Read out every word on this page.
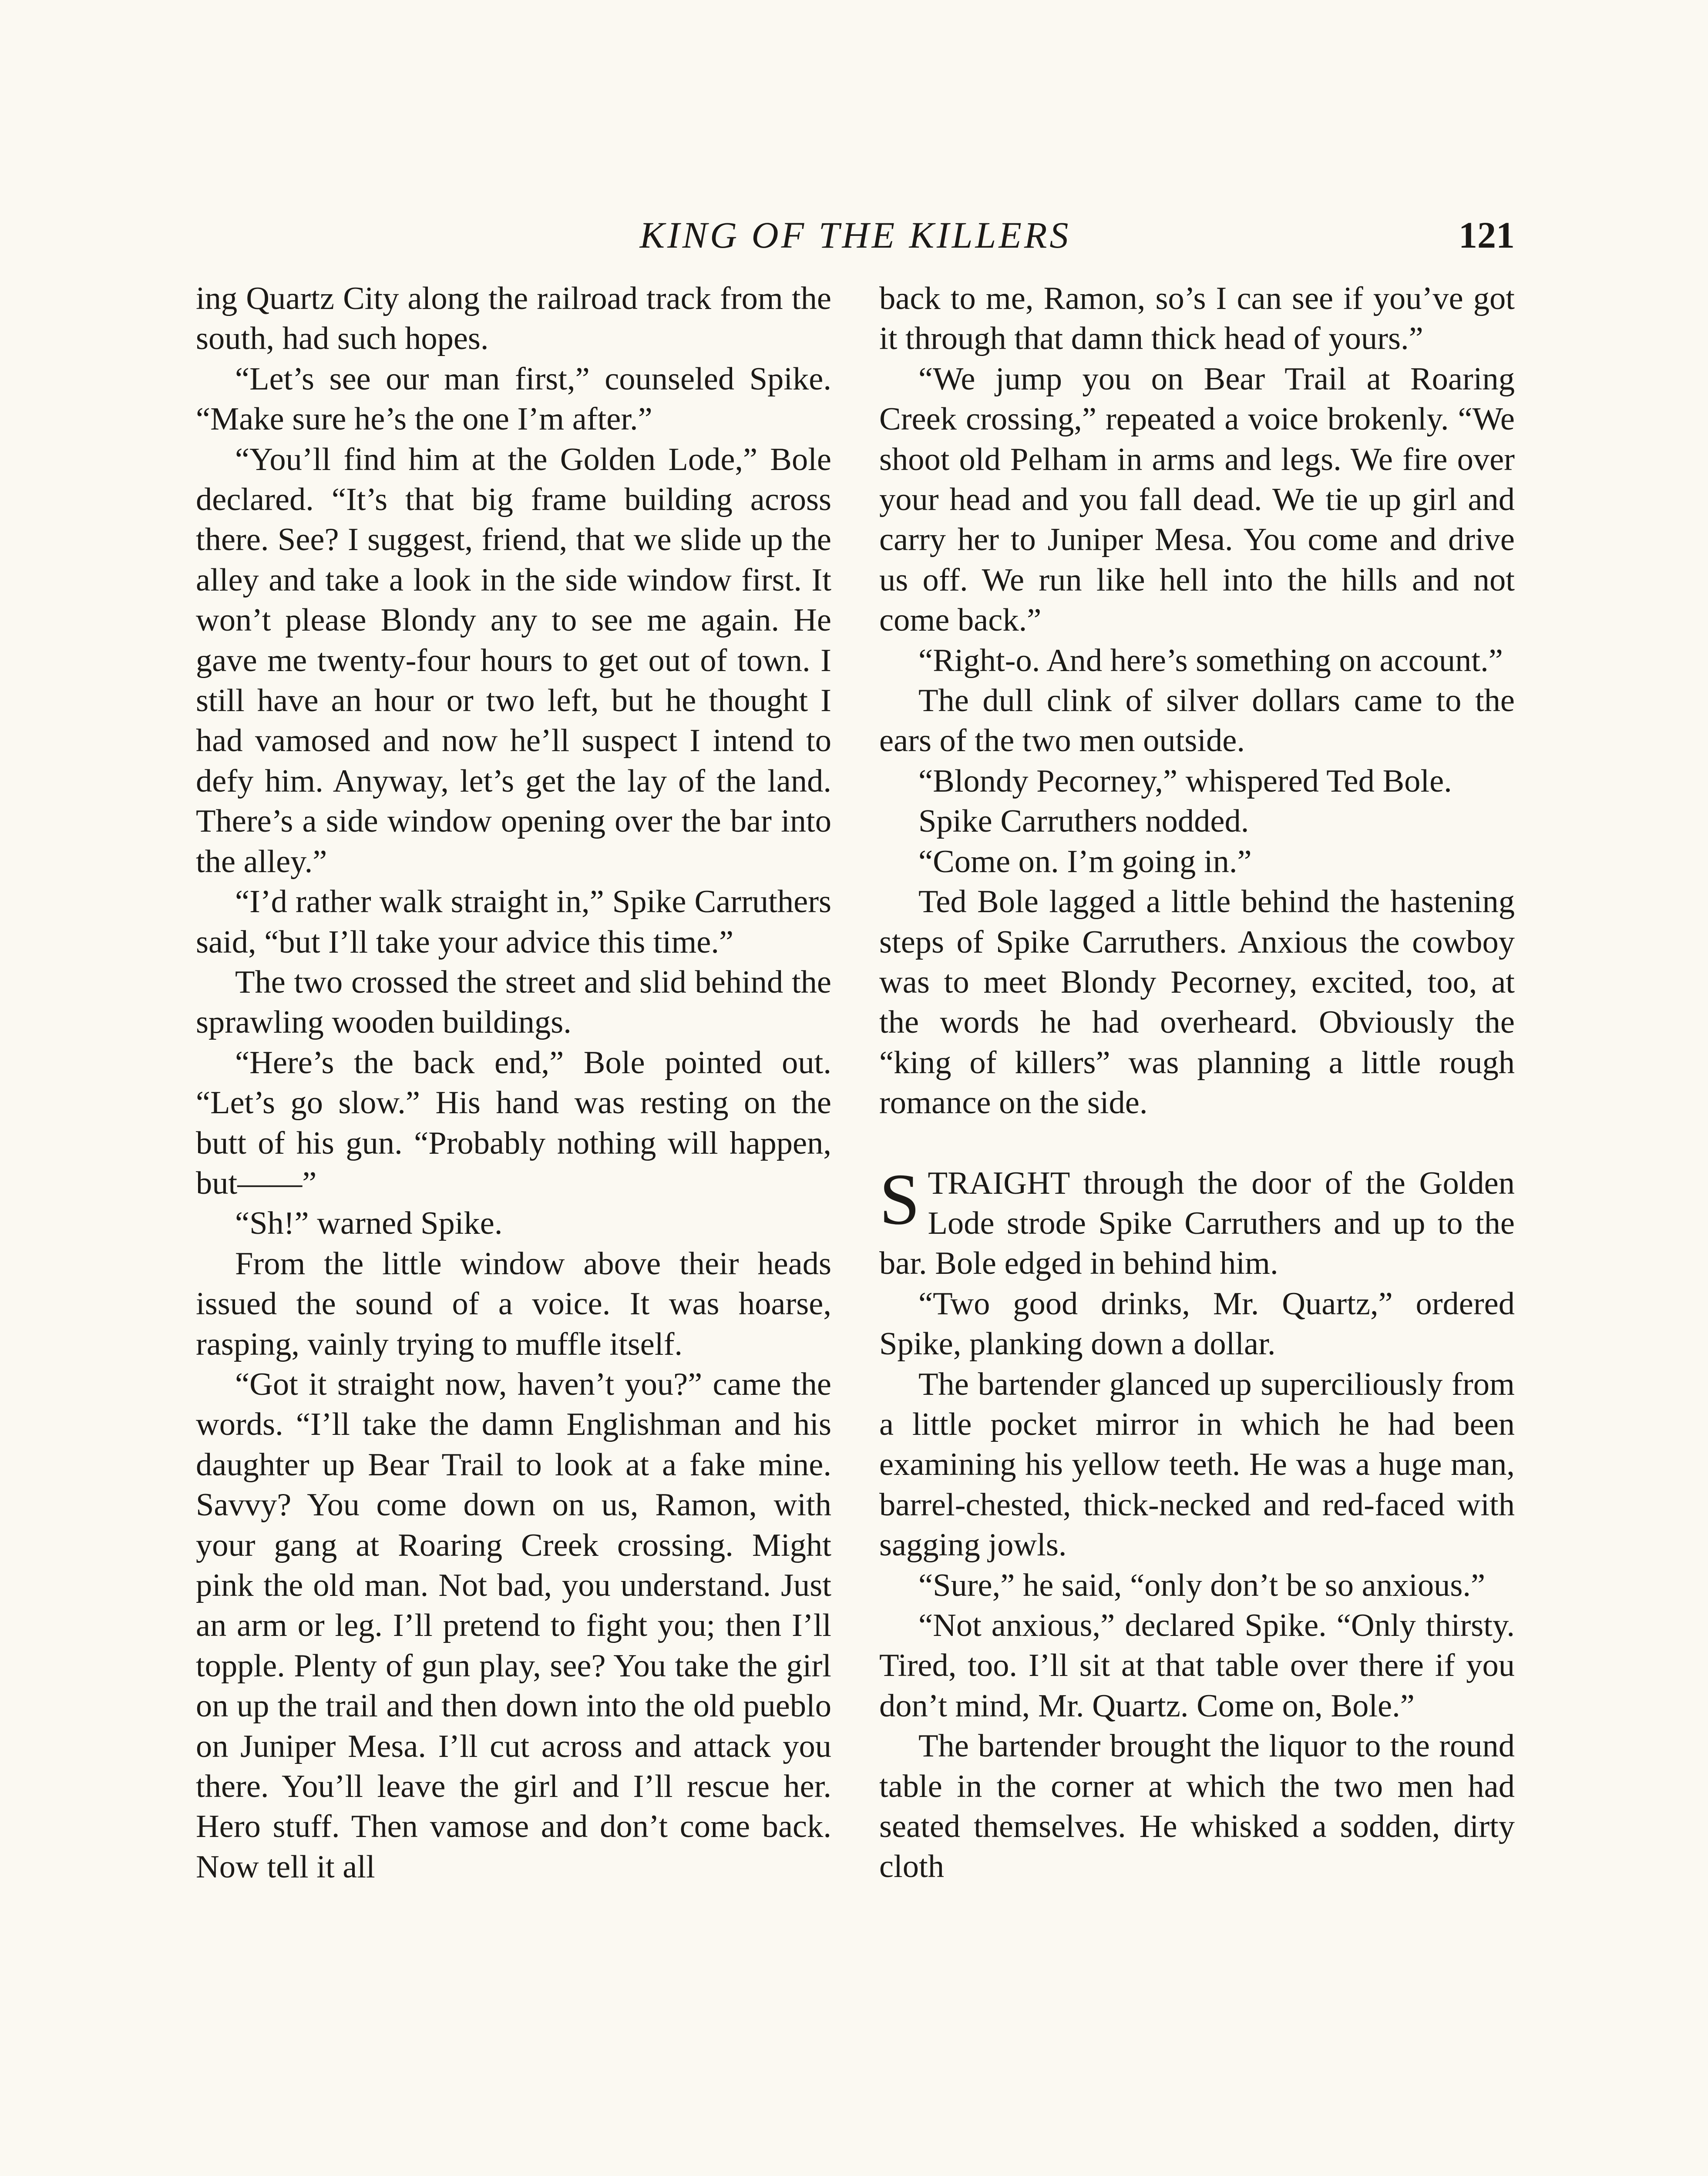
KING OF THE KILLERS	121

ing Quartz City along the railroad track from the south, had such hopes.

“Let’s see our man first,” counseled Spike. “Make sure he’s the one I’m after.”

“You’ll find him at the Golden Lode,” Bole declared. “It’s that big frame building across there. See? I suggest, friend, that we slide up the alley and take a look in the side window first. It won’t please Blondy any to see me again. He gave me twenty-four hours to get out of town. I still have an hour or two left, but he thought I had vamosed and now he’ll suspect I intend to defy him. Anyway, let’s get the lay of the land. There’s a side window opening over the bar into the alley.”

“I’d rather walk straight in,” Spike Carruthers said, “but I’ll take your advice this time.”

The two crossed the street and slid behind the sprawling wooden buildings.

“Here’s the back end,” Bole pointed out. “Let’s go slow.” His hand was resting on the butt of his gun. “Probably nothing will happen, but——”

“Sh!” warned Spike.

From the little window above their heads issued the sound of a voice. It was hoarse, rasping, vainly trying to muffle itself.

“Got it straight now, haven’t you?” came the words. “I’ll take the damn Englishman and his daughter up Bear Trail to look at a fake mine. Savvy? You come down on us, Ramon, with your gang at Roaring Creek crossing. Might pink the old man. Not bad, you understand. Just an arm or leg. I’ll pretend to fight you; then I’ll topple. Plenty of gun play, see? You take the girl on up the trail and then down into the old pueblo on Juniper Mesa. I’ll cut across and attack you there. You’ll leave the girl and I’ll rescue her. Hero stuff. Then vamose and don’t come back. Now tell it all

back to me, Ramon, so’s I can see if you’ve got it through that damn thick head of yours.”

“We jump you on Bear Trail at Roaring Creek crossing,” repeated a voice brokenly. “We shoot old Pelham in arms and legs. We fire over your head and you fall dead. We tie up girl and carry her to Juniper Mesa. You come and drive us off. We run like hell into the hills and not come back.”

“Right-o. And here’s something on account.”

The dull clink of silver dollars came to the ears of the two men outside.

“Blondy Pecorney,” whispered Ted Bole.

Spike Carruthers nodded.

“Come on. I’m going in.”

Ted Bole lagged a little behind the hastening steps of Spike Carruthers. Anxious the cowboy was to meet Blondy Pecorney, excited, too, at the words he had overheard. Obviously the “king of killers” was planning a little rough romance on the side.

STRAIGHT through the door of the Golden Lode strode Spike Carruthers and up to the bar. Bole edged in behind him.

“Two good drinks, Mr. Quartz,” ordered Spike, planking down a dollar.

The bartender glanced up superciliously from a little pocket mirror in which he had been examining his yellow teeth. He was a huge man, barrel-chested, thick-necked and red-faced with sagging jowls.

“Sure,” he said, “only don’t be so anxious.”

“Not anxious,” declared Spike. “Only thirsty. Tired, too. I’ll sit at that table over there if you don’t mind, Mr. Quartz. Come on, Bole.”

The bartender brought the liquor to the round table in the corner at which the two men had seated themselves. He whisked a sodden, dirty cloth
